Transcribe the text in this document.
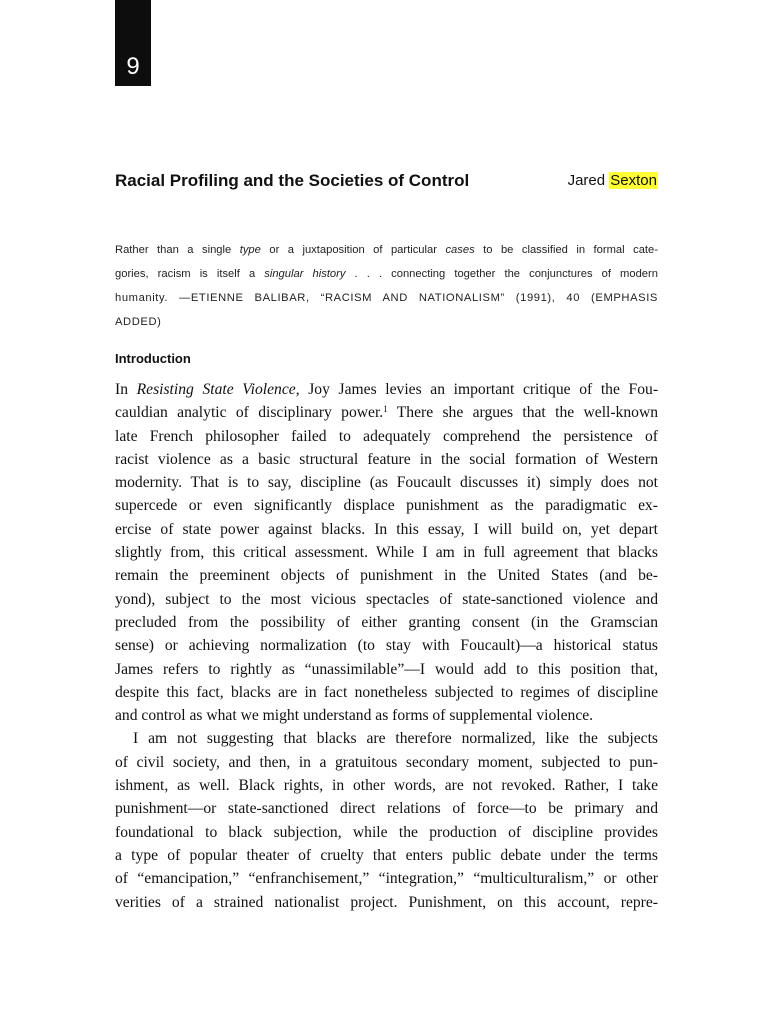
9
Racial Profiling and the Societies of Control	Jared Sexton
Rather than a single type or a juxtaposition of particular cases to be classified in formal cate-
gories, racism is itself a singular history . . . connecting together the conjunctures of modern
humanity. —ETIENNE BALIBAR, “RACISM AND NATIONALISM” (1991), 40 (EMPHASIS
ADDED)
Introduction
In Resisting State Violence, Joy James levies an important critique of the Fou-
cauldian analytic of disciplinary power.$^1$ There she argues that the well-known
late French philosopher failed to adequately comprehend the persistence of
racist violence as a basic structural feature in the social formation of Western
modernity. That is to say, discipline (as Foucault discusses it) simply does not
supercede or even significantly displace punishment as the paradigmatic ex-
ercise of state power against blacks. In this essay, I will build on, yet depart
slightly from, this critical assessment. While I am in full agreement that blacks
remain the preeminent objects of punishment in the United States (and be-
yond), subject to the most vicious spectacles of state-sanctioned violence and
precluded from the possibility of either granting consent (in the Gramscian
sense) or achieving normalization (to stay with Foucault)—a historical status
James refers to rightly as “unassimilable”—I would add to this position that,
despite this fact, blacks are in fact nonetheless subjected to regimes of discipline
and control as what we might understand as forms of supplemental violence.
I am not suggesting that blacks are therefore normalized, like the subjects
of civil society, and then, in a gratuitous secondary moment, subjected to pun-
ishment, as well. Black rights, in other words, are not revoked. Rather, I take
punishment—or state-sanctioned direct relations of force—to be primary and
foundational to black subjection, while the production of discipline provides
a type of popular theater of cruelty that enters public debate under the terms
of “emancipation,” “enfranchisement,” “integration,” “multiculturalism,” or other
verities of a strained nationalist project. Punishment, on this account, repre-
